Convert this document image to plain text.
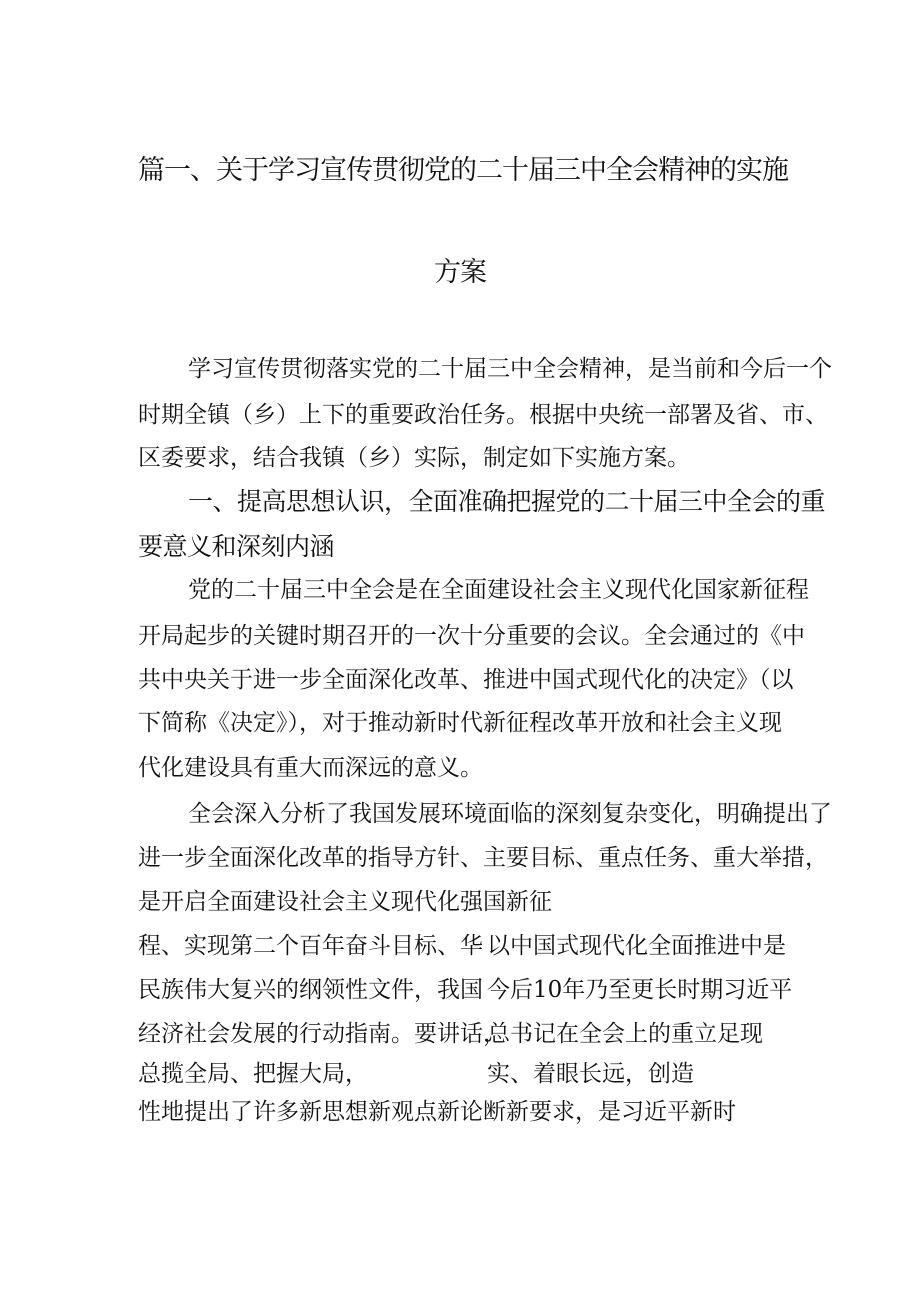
篇一、关于学习宣传贯彻党的二十届三中全会精神的实施
方案
学习宣传贯彻落实党的二十届三中全会精神，是当前和今后一个
时期全镇（乡）上下的重要政治任务。根据中央统一部署及省、市、
区委要求，结合我镇（乡）实际，制定如下实施方案。
一、提高思想认识，全面准确把握党的二十届三中全会的重
要意义和深刻内涵
党的二十届三中全会是在全面建设社会主义现代化国家新征程
开局起步的关键时期召开的一次十分重要的会议。全会通过的《中
共中央关于进一步全面深化改革、推进中国式现代化的决定》（以
下简称《决定》），对于推动新时代新征程改革开放和社会主义现
代化建设具有重大而深远的意义。
全会深入分析了我国发展环境面临的深刻复杂变化，明确提出了
进一步全面深化改革的指导方针、主要目标、重点任务、重大举措，
是开启全面建设社会主义现代化强国新征
程、实现第二个百年奋斗目标、华
民族伟大复兴的纲领性文件，我国
经济社会发展的行动指南。要讲话，
总揽全局、把握大局，
以中国式现代化全面推进中是
今后10年乃至更长时期习近平
总书记在全会上的重立足现
实、着眼长远，创造
性地提出了许多新思想新观点新论断新要求，是习近平新时
